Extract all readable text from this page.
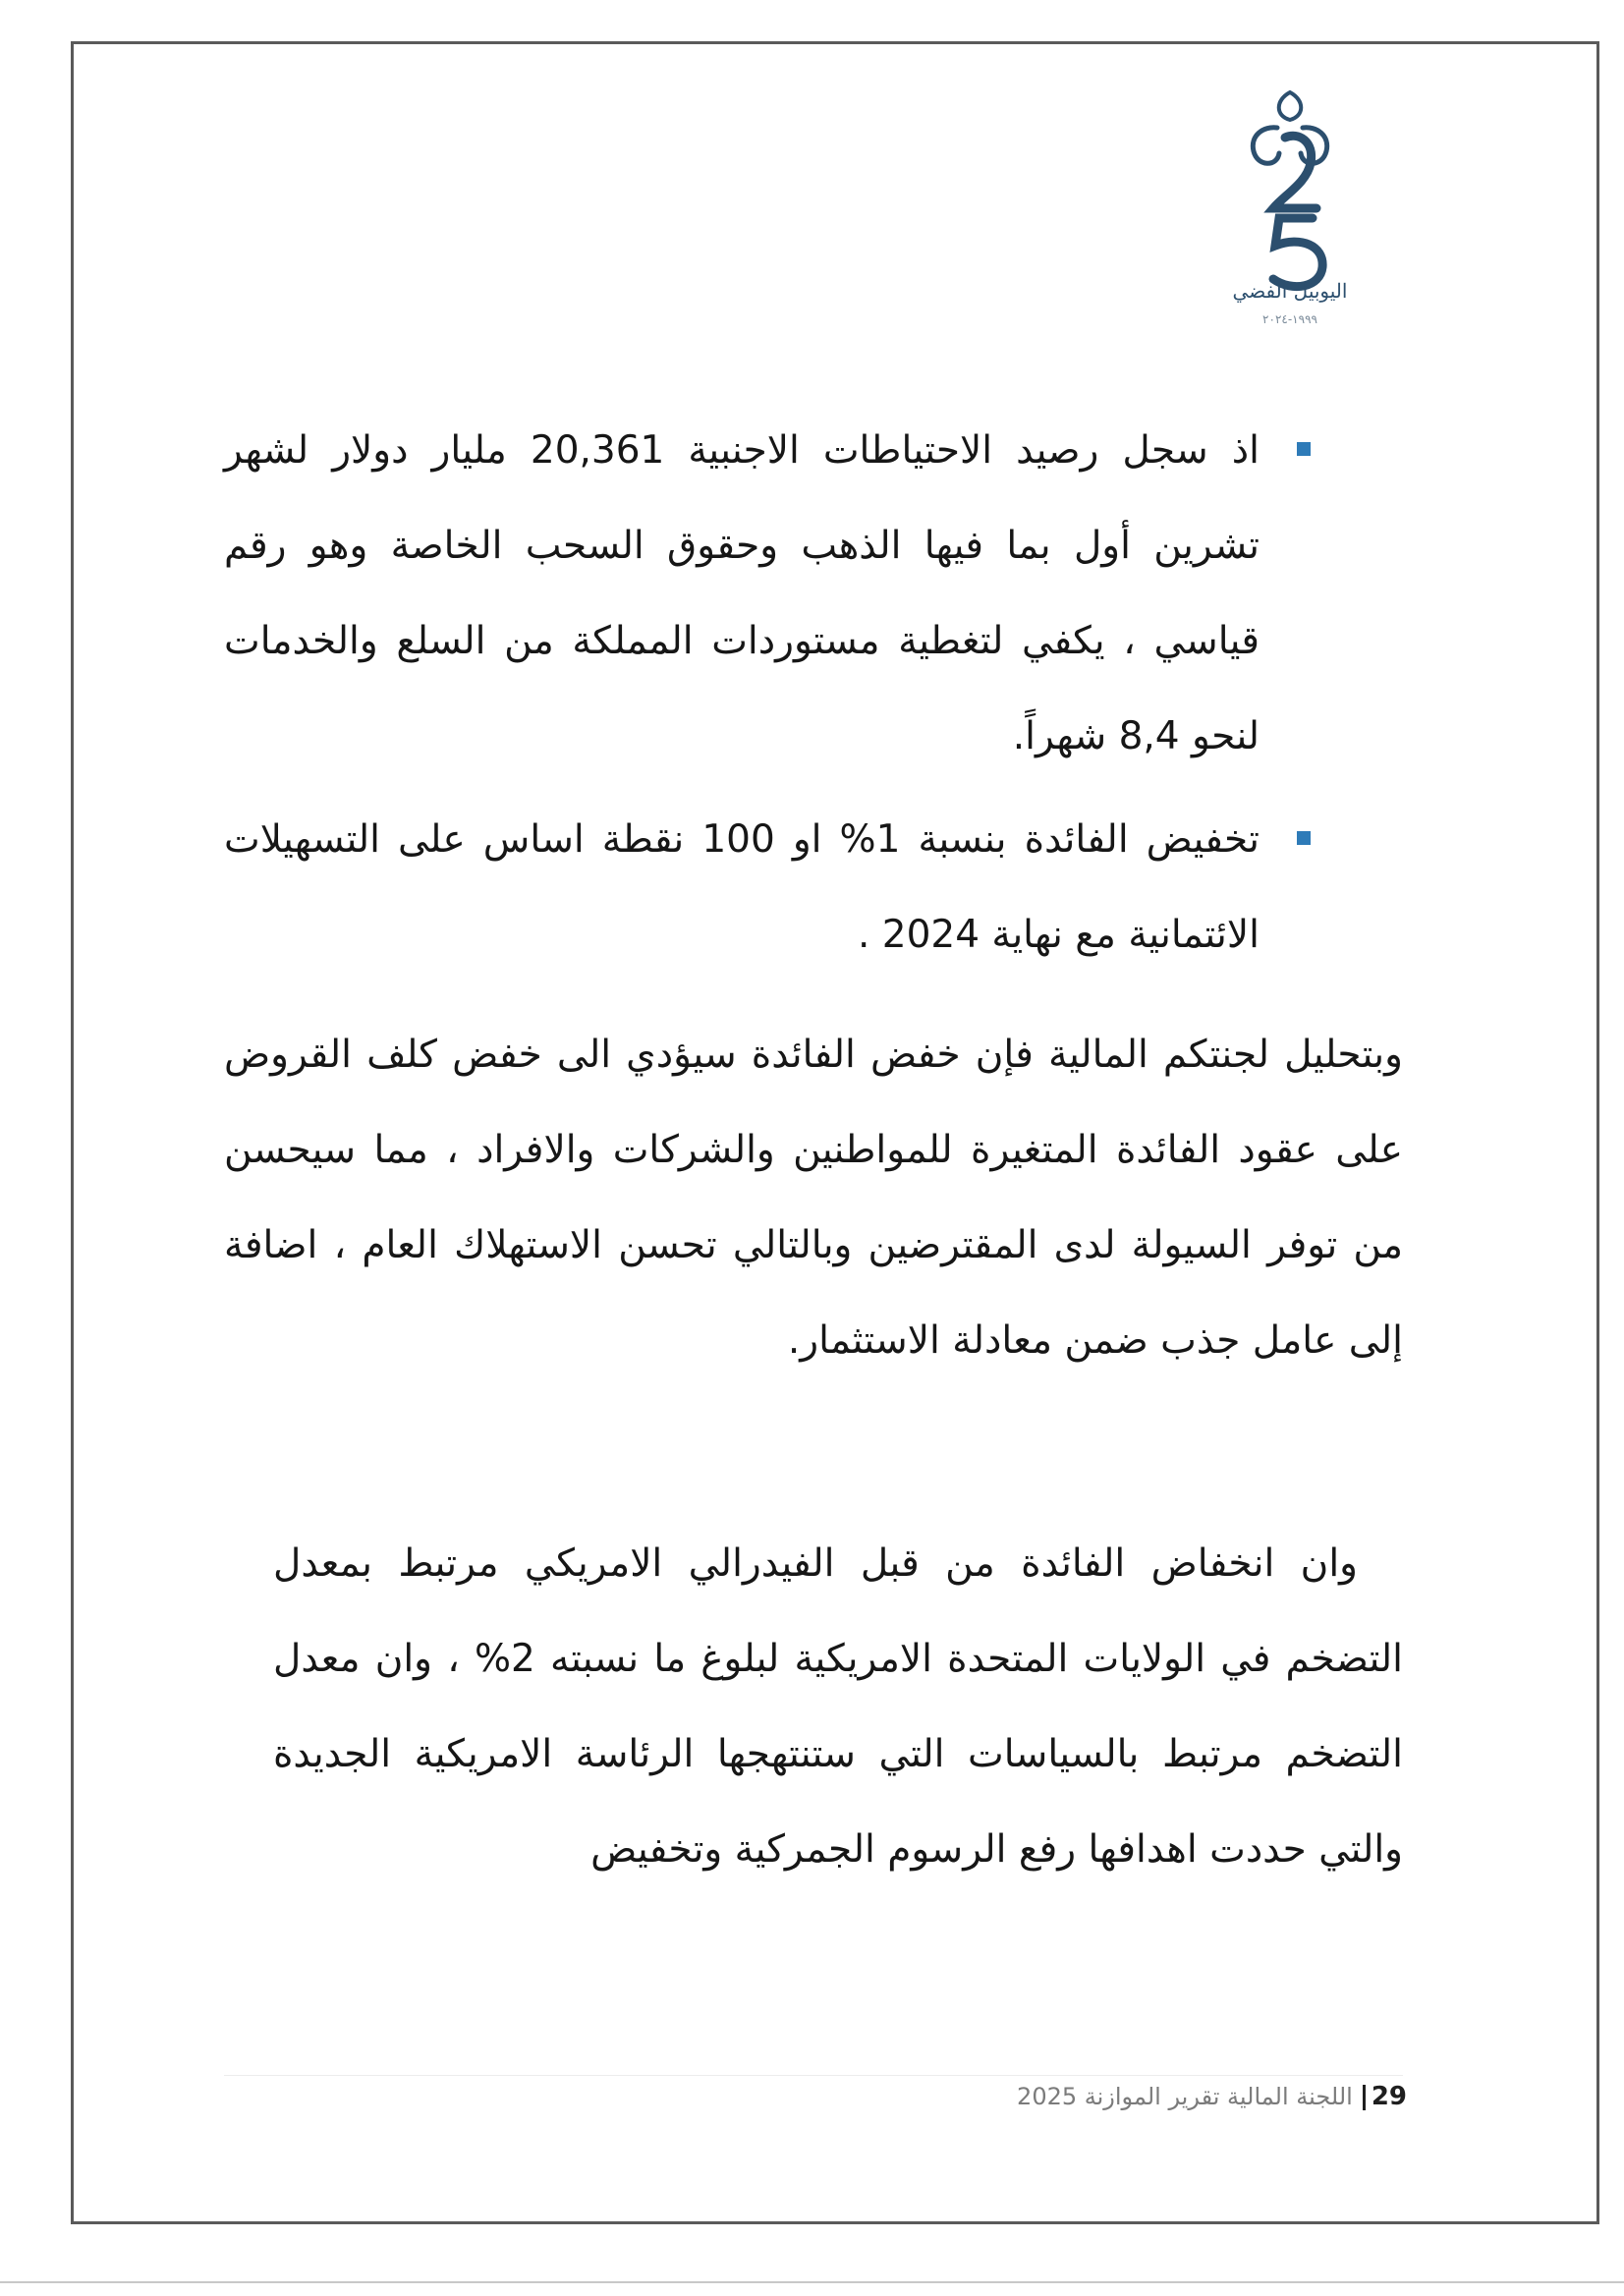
اليوبيل الفضي
١٩٩٩-٢٠٢٤
اذ سجل رصيد الاحتياطات الاجنبية 20,361 مليار دولار لشهر تشرين أول بما فيها الذهب وحقوق السحب الخاصة وهو رقم قياسي ، يكفي لتغطية مستوردات المملكة من السلع والخدمات لنحو 8,4 شهراً.
تخفيض الفائدة بنسبة 1% او 100 نقطة اساس على التسهيلات الائتمانية مع نهاية 2024 .

وبتحليل لجنتكم المالية فإن خفض الفائدة سيؤدي الى خفض كلف القروض على عقود الفائدة المتغيرة للمواطنين والشركات والافراد ، مما سيحسن من توفر السيولة لدى المقترضين وبالتالي تحسن الاستهلاك العام ، اضافة إلى عامل جذب ضمن معادلة الاستثمار.

وان انخفاض الفائدة من قبل الفيدرالي الامريكي مرتبط بمعدل التضخم في الولايات المتحدة الامريكية لبلوغ ما نسبته 2% ، وان معدل التضخم مرتبط بالسياسات التي ستنتهجها الرئاسة الامريكية الجديدة والتي حددت اهدافها رفع الرسوم الجمركية وتخفيض

29اللجنة المالية تقرير الموازنة 2025
